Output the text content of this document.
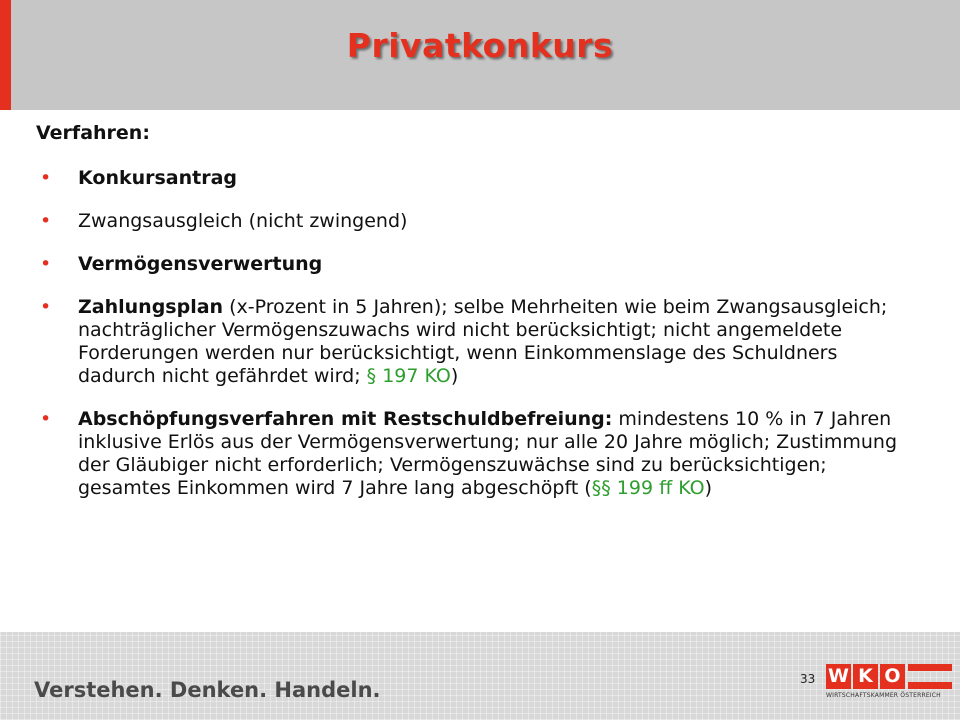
Privatkonkurs
Verfahren:
• Konkursantrag
• Zwangsausgleich (nicht zwingend)
• Vermögensverwertung
• Zahlungsplan (x-Prozent in 5 Jahren); selbe Mehrheiten wie beim Zwangsausgleich; nachträglicher Vermögenszuwachs wird nicht berücksichtigt; nicht angemeldete Forderungen werden nur berücksichtigt, wenn Einkommenslage des Schuldners dadurch nicht gefährdet wird; § 197 KO)
• Abschöpfungsverfahren mit Restschuldbefreiung: mindestens 10 % in 7 Jahren inklusive Erlös aus der Vermögensverwertung; nur alle 20 Jahre möglich; Zustimmung der Gläubiger nicht erforderlich; Vermögenszuwächse sind zu berücksichtigen; gesamtes Einkommen wird 7 Jahre lang abgeschöpft (§§ 199 ff KO)
Verstehen. Denken. Handeln.	33 W K O
WIRTSCHAFTSKAMMER ÖSTERREICH
